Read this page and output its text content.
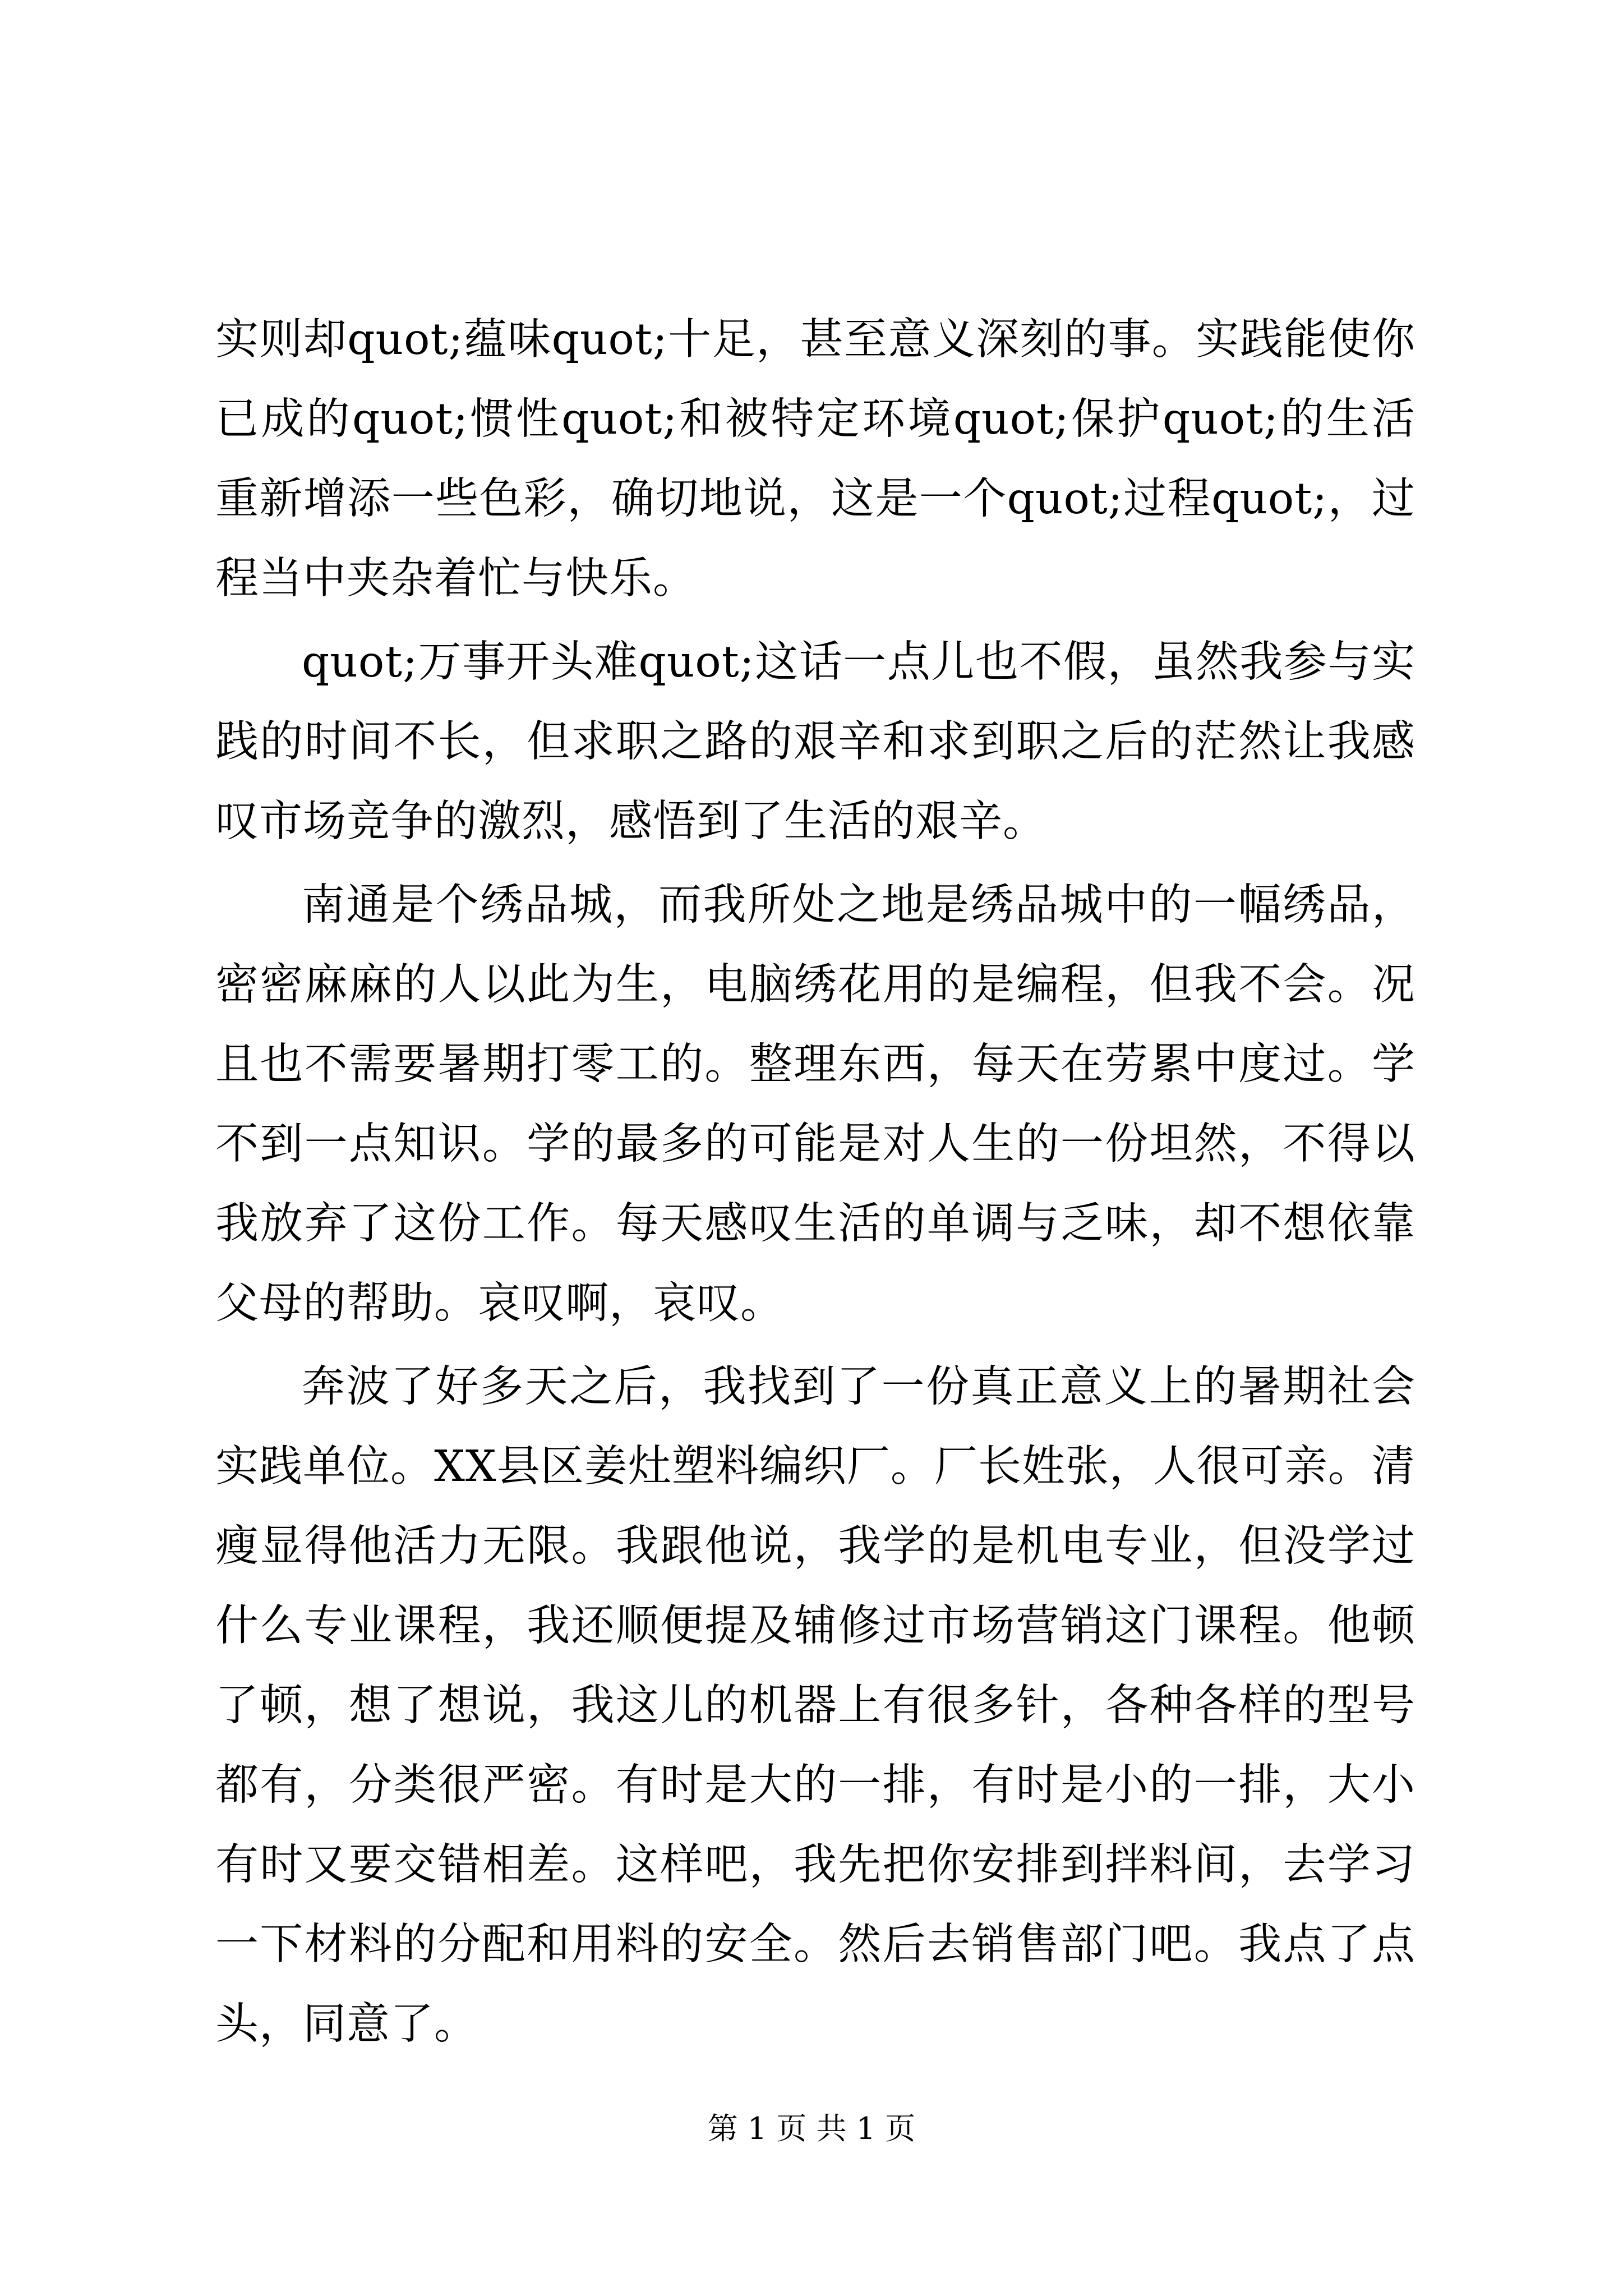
实则却quot;蕴味quot;十足，甚至意义深刻的事。实践能使你已成的quot;惯性quot;和被特定环境quot;保护quot;的生活重新增添一些色彩，确切地说，这是一个quot;过程quot;，过程当中夹杂着忙与快乐。

quot;万事开头难quot;这话一点儿也不假，虽然我参与实践的时间不长，但求职之路的艰辛和求到职之后的茫然让我感叹市场竞争的激烈，感悟到了生活的艰辛。

南通是个绣品城，而我所处之地是绣品城中的一幅绣品，密密麻麻的人以此为生，电脑绣花用的是编程，但我不会。况且也不需要暑期打零工的。整理东西，每天在劳累中度过。学不到一点知识。学的最多的可能是对人生的一份坦然，不得以我放弃了这份工作。每天感叹生活的单调与乏味，却不想依靠父母的帮助。哀叹啊，哀叹。

奔波了好多天之后，我找到了一份真正意义上的暑期社会实践单位。XX县区姜灶塑料编织厂。厂长姓张，人很可亲。清瘦显得他活力无限。我跟他说，我学的是机电专业，但没学过什么专业课程，我还顺便提及辅修过市场营销这门课程。他顿了顿，想了想说，我这儿的机器上有很多针，各种各样的型号都有，分类很严密。有时是大的一排，有时是小的一排，大小有时又要交错相差。这样吧，我先把你安排到拌料间，去学习一下材料的分配和用料的安全。然后去销售部门吧。我点了点头，同意了。

第 1 页 共 1 页
